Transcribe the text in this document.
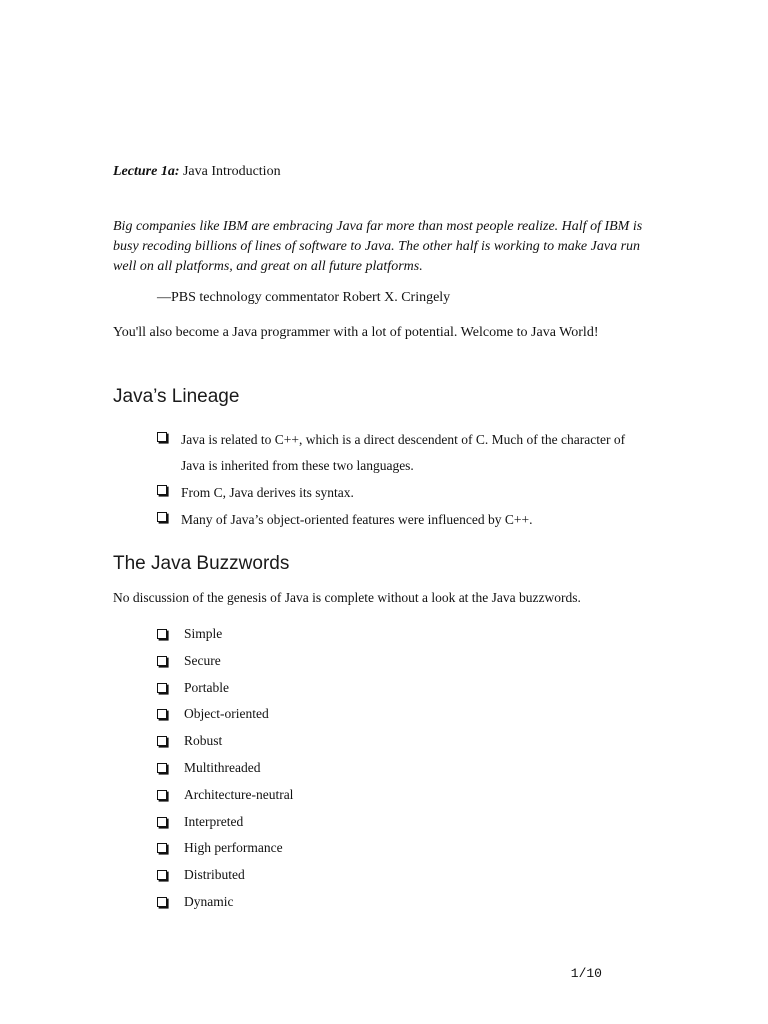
Lecture 1a: Java Introduction
Big companies like IBM are embracing Java far more than most people realize. Half of IBM is busy recoding billions of lines of software to Java. The other half is working to make Java run well on all platforms, and great on all future platforms.
—PBS technology commentator Robert X. Cringely
You'll also become a Java programmer with a lot of potential. Welcome to Java World!
Java’s Lineage
Java is related to C++, which is a direct descendent of C. Much of the character of Java is inherited from these two languages.
From C, Java derives its syntax.
Many of Java’s object-oriented features were influenced by C++.
The Java Buzzwords
No discussion of the genesis of Java is complete without a look at the Java buzzwords.
Simple
Secure
Portable
Object-oriented
Robust
Multithreaded
Architecture-neutral
Interpreted
High performance
Distributed
Dynamic
1/10
